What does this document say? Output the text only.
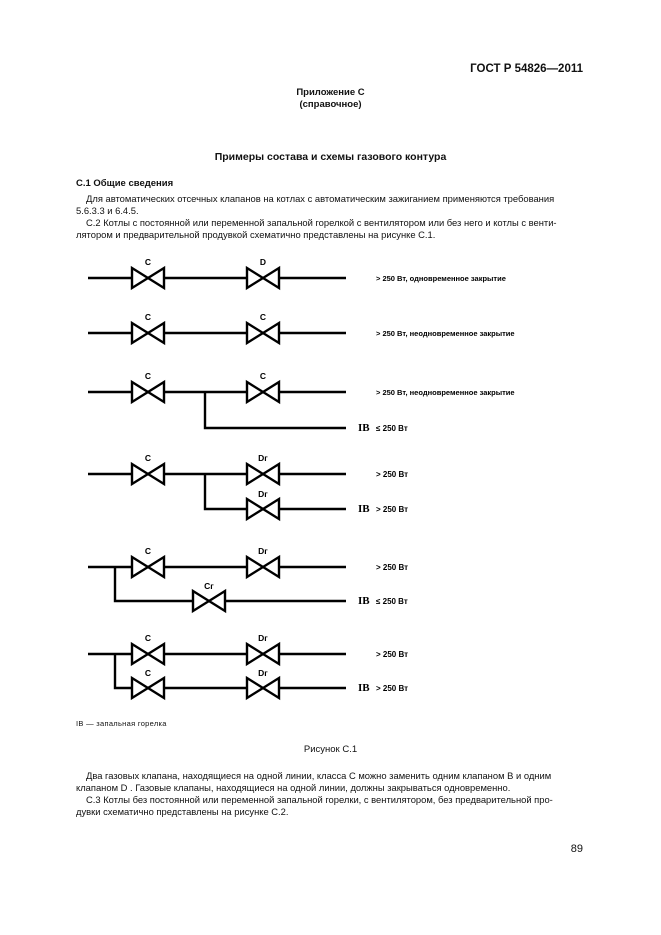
ГОСТ Р 54826—2011
Приложение С
(справочное)
Примеры состава и схемы газового контура
С.1 Общие сведения
Для автоматических отсечных клапанов на котлах с автоматическим зажиганием применяются требования
5.6.3.3 и 6.4.5.
С.2 Котлы с постоянной или переменной запальной горелкой с вентилятором или без него и котлы с венти-
лятором и предварительной продувкой схематично представлены на рисунке С.1.
C	D
> 250 Вт, одновременное закрытие
C	C
> 250 Вт, неодновременное закрытие
C	C
> 250 Вт, неодновременное закрытие
IB ≤ 250 Вт
C	Dг
Dг
> 250 Вт
IB > 250 Вт
C	Dг
Cг
> 250 Вт
IB ≤ 250 Вт
C	Dг
C	Dг
> 250 Вт
IB > 250 Вт
IB — запальная горелка
Рисунок С.1
Два газовых клапана, находящиеся на одной линии, класса С можно заменить одним клапаном В и одним
клапаном D . Газовые клапаны, находящиеся на одной линии, должны закрываться одновременно.
С.3 Котлы без постоянной или переменной запальной горелки, с вентилятором, без предварительной про-
дувки схематично представлены на рисунке С.2.
89
